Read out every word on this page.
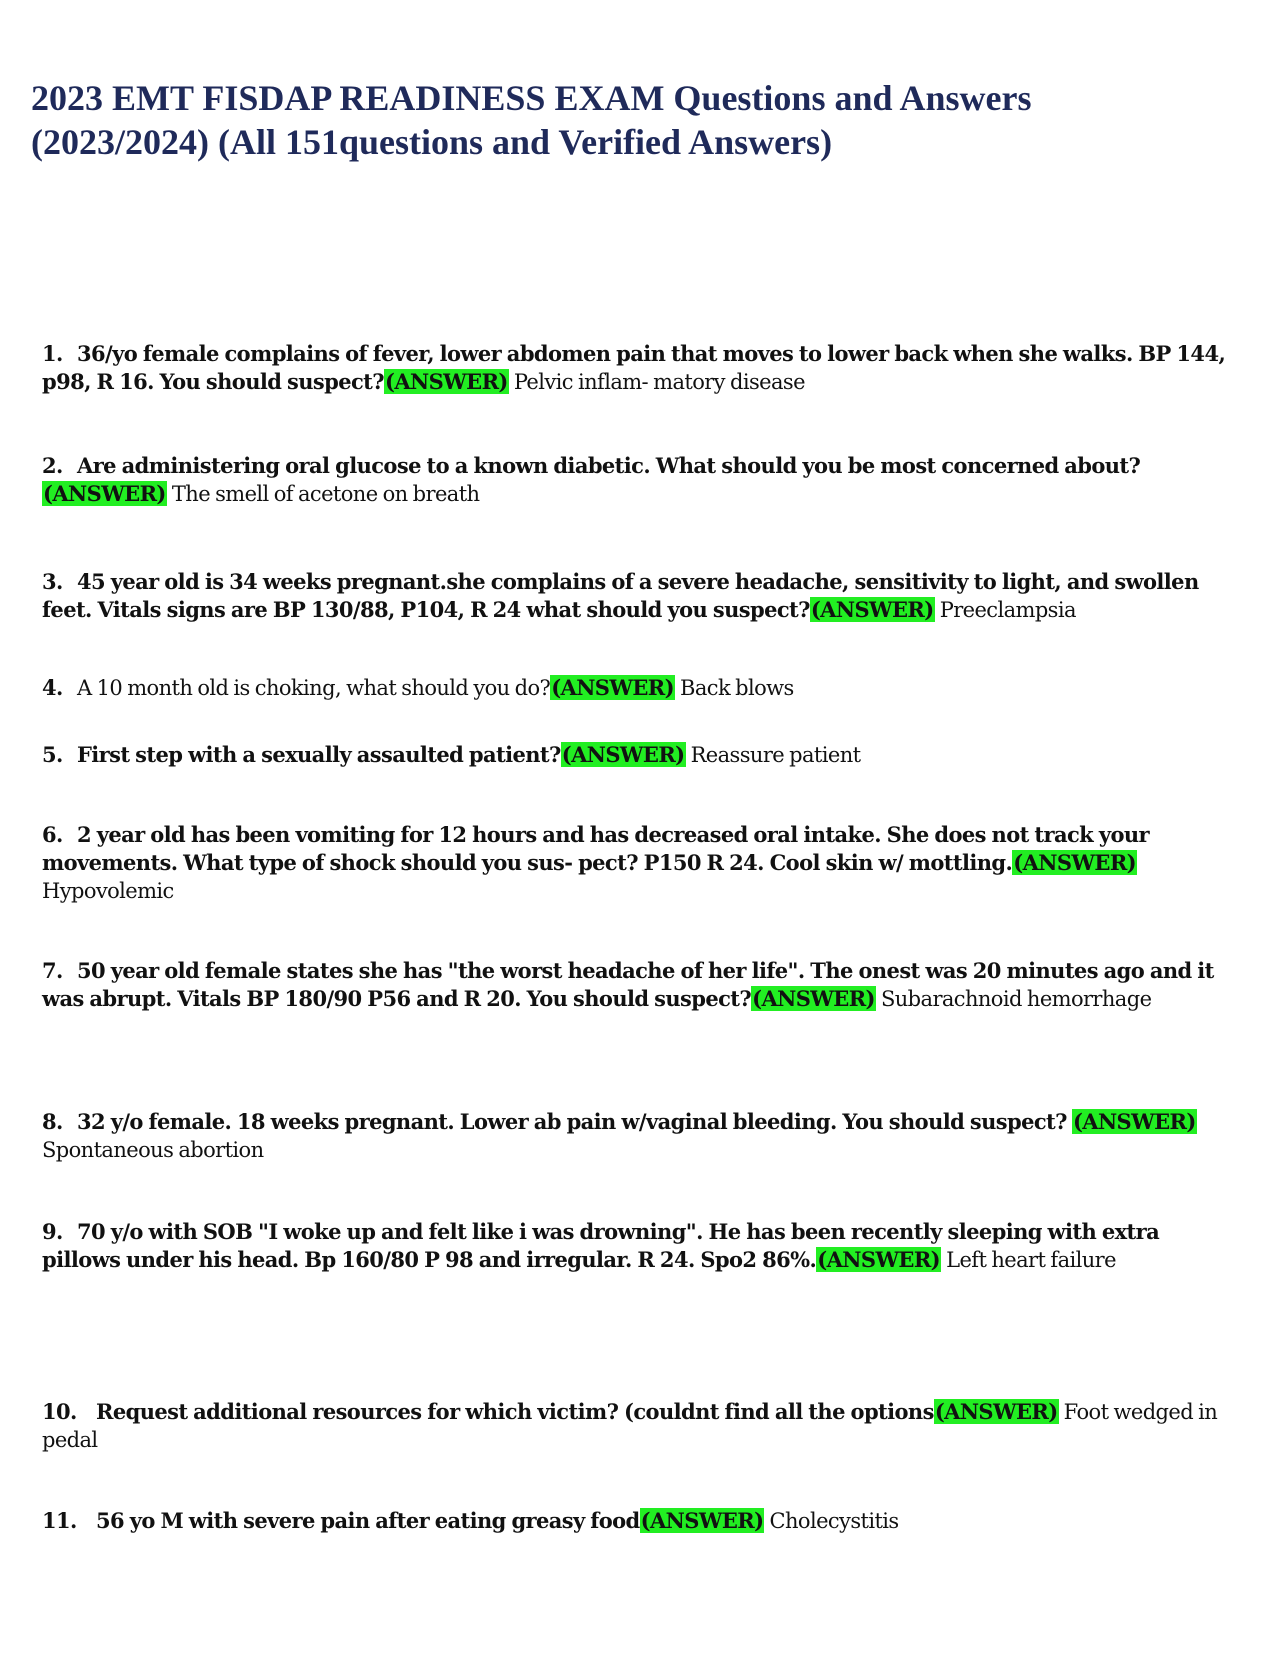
2023 EMT FISDAP READINESS EXAM Questions and Answers
(2023/2024) (All 151questions and Verified Answers)

1. 36/yo female complains of fever, lower abdomen pain that moves to lower back when she walks. BP 144, p98, R 16. You should suspect?(ANSWER) Pelvic inflam- matory disease

2. Are administering oral glucose to a known diabetic. What should you be most concerned about? (ANSWER) The smell of acetone on breath

3. 45 year old is 34 weeks pregnant.she complains of a severe headache, sensitivity to light, and swollen feet. Vitals signs are BP 130/88, P104, R 24 what should you suspect?(ANSWER) Preeclampsia

4. A 10 month old is choking, what should you do?(ANSWER) Back blows

5. First step with a sexually assaulted patient?(ANSWER) Reassure patient

6. 2 year old has been vomiting for 12 hours and has decreased oral intake. She does not track your movements. What type of shock should you sus- pect? P150 R 24. Cool skin w/ mottling.(ANSWER) Hypovolemic

7. 50 year old female states she has "the worst headache of her life". The onest was 20 minutes ago and it was abrupt. Vitals BP 180/90 P56 and R 20. You should suspect?(ANSWER) Subarachnoid hemorrhage

8. 32 y/o female. 18 weeks pregnant. Lower ab pain w/vaginal bleeding. You should suspect? (ANSWER) Spontaneous abortion

9. 70 y/o with SOB "I woke up and felt like i was drowning". He has been recently sleeping with extra pillows under his head. Bp 160/80 P 98 and irregular. R 24. Spo2 86%.(ANSWER) Left heart failure

10. Request additional resources for which victim? (couldnt find all the options(ANSWER) Foot wedged in pedal

11. 56 yo M with severe pain after eating greasy food(ANSWER) Cholecystitis
